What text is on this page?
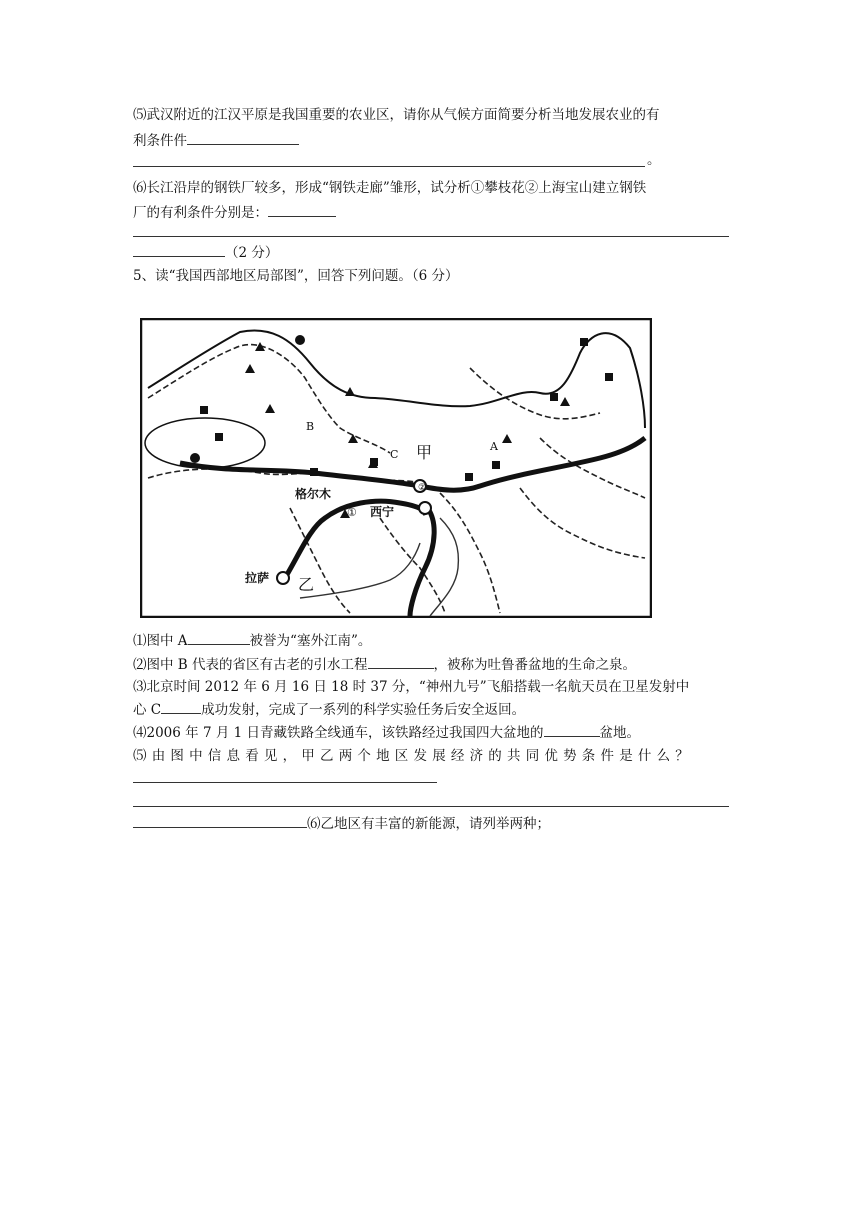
⑸武汉附近的江汉平原是我国重要的农业区，请你从气候方面简要分析当地发展农业的有
利条件件
。
⑹长江沿岸的钢铁厂较多，形成“钢铁走廊”雏形，试分析①攀枝花②上海宝山建立钢铁
厂的有利条件分别是：
（2 分）
5、读“我国西部地区局部图”，回答下列问题。（6 分）
B
C
A
甲
乙
格尔木
西宁
拉萨
①
②
⑴图中 A	被誉为“塞外江南”。
⑵图中 B 代表的省区有古老的引水工程	，被称为吐鲁番盆地的生命之泉。
⑶北京时间 2012 年 6 月 16 日 18 时 37 分，“神州九号”飞船搭载一名航天员在卫星发射中
心 C	成功发射，完成了一系列的科学实验任务后安全返回。
⑷2006 年 7 月 1 日青藏铁路全线通车，该铁路经过我国四大盆地的	盆地。
⑸由图中信息看见，甲乙两个地区发展经济的共同优势条件是什么？
⑹乙地区有丰富的新能源，请列举两种；
